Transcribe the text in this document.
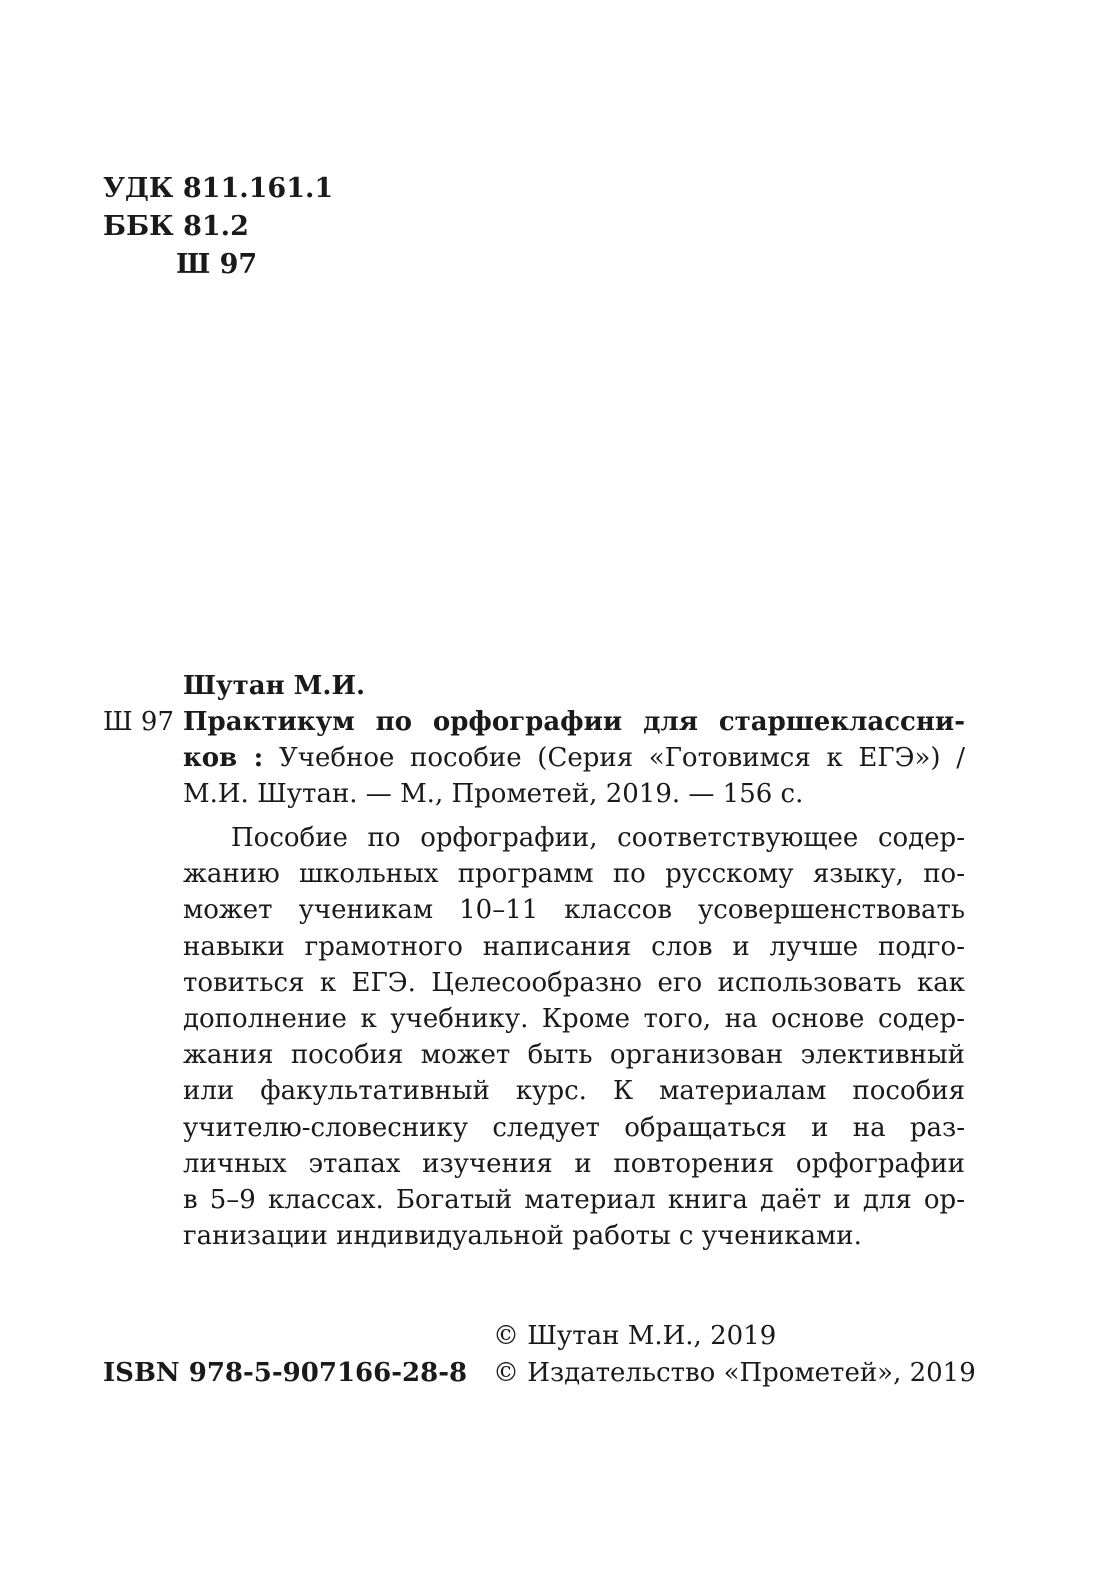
УДК 811.161.1
ББК 81.2
Ш 97
Шутан М.И.
Ш 97 Практикум по орфографии для старшеклассни-
ков : Учебное пособие (Серия «Готовимся к ЕГЭ») /
М.И. Шутан. — М., Прометей, 2019. — 156 с.
Пособие по орфографии, соответствующее содер-
жанию школьных программ по русскому языку, по-
может ученикам 10–11 классов усовершенствовать
навыки грамотного написания слов и лучше подго-
товиться к ЕГЭ. Целесообразно его использовать как
дополнение к учебнику. Кроме того, на основе содер-
жания пособия может быть организован элективный
или факультативный курс. К материалам пособия
учителю-словеснику следует обращаться и на раз-
личных этапах изучения и повторения орфографии
в 5–9 классах. Богатый материал книга даёт и для ор-
ганизации индивидуальной работы с учениками.
© Шутан М.И., 2019
© Издательство «Прометей», 2019
ISBN 978-5-907166-28-8
